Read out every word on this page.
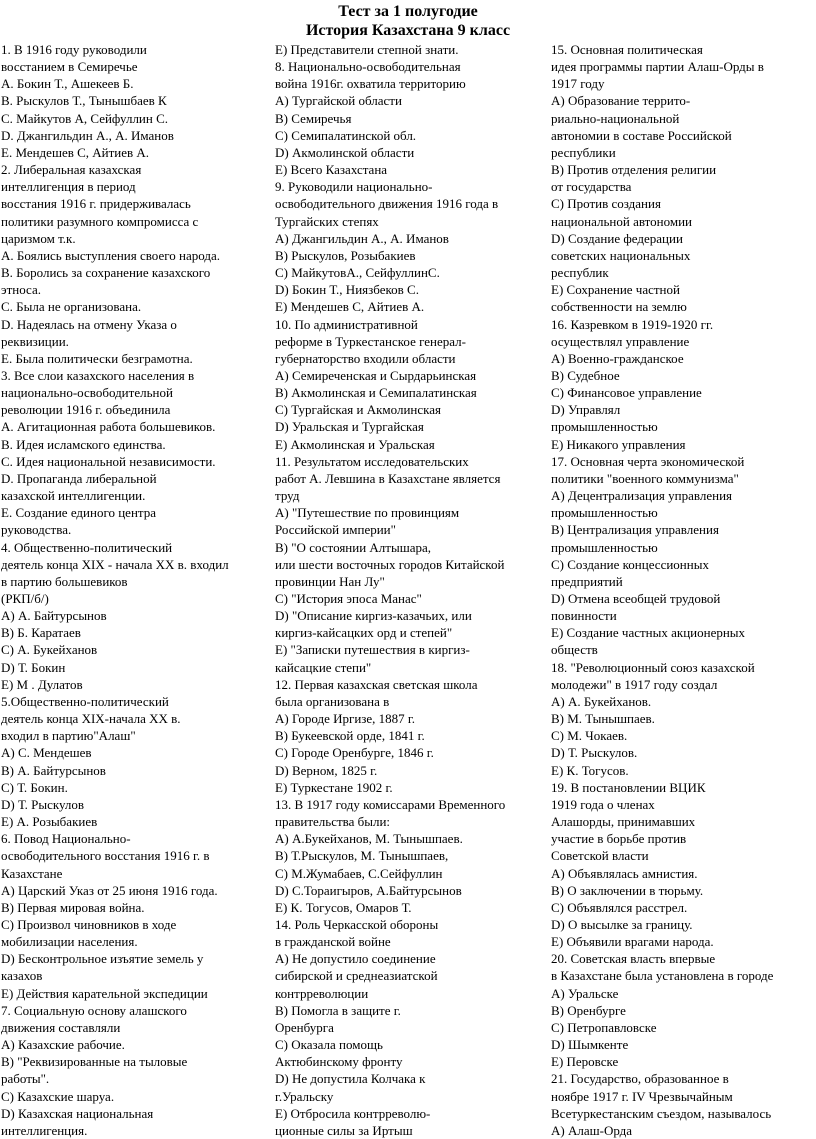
Тест за 1 полугодие
История Казахстана 9 класс
1. В 1916 году руководили
восстанием в Семиречье
A. Бокин Т., Ашекеев Б.
B. Рыскулов Т., Тынышбаев К
C. Майкутов А, Сейфуллин С.
D. Джангильдин А., А. Иманов
E. Мендешев С, Айтиев А.
2. Либеральная казахская
интеллигенция в период
восстания 1916 г. придерживалась
политики разумного компромисса с
царизмом т.к.
A. Боялись выступления своего народа.
B. Боролись за сохранение казахского
этноса.
C. Была не организована.
D. Надеялась на отмену Указа о
реквизиции.
E. Была политически безграмотна.
3. Все слои казахского населения в
национально-освободительной
революции 1916 г. объединила
A. Агитационная работа большевиков.
B. Идея исламского единства.
C. Идея национальной независимости.
D. Пропаганда либеральной
казахской интеллигенции.
E. Создание единого центра
руководства.
4. Общественно-политический
деятель конца XIX - начала XX в. входил
в партию большевиков
(РКП/б/)
A) А. Байтурсынов
B) Б. Каратаев
C) А. Букейханов
D) Т. Бокин
E) М . Дулатов
5.Общественно-политический
деятель конца XIX-начала XX в.
входил в партию"Алаш"
A) С. Мендешев
B) А. Байтурсынов
C) Т. Бокин.
D) Т. Рыскулов
E) А. Розыбакиев
6. Повод Национально-
освободительного восстания 1916 г. в
Казахстане
A) Царский Указ от 25 июня 1916 года.
B) Первая мировая война.
C) Произвол чиновников в ходе
мобилизации населения.
D) Бесконтрольное изъятие земель у
казахов
E) Действия карательной экспедиции
7. Социальную основу алашского
движения составляли
A) Казахские рабочие.
B) "Реквизированные на тыловые
работы".
C) Казахские шаруа.
D) Казахская национальная
интеллигенция.
E) Представители степной знати.
8. Национально-освободительная
война 1916г. охватила территорию
A) Тургайской области
B) Семиречья
C) Семипалатинской обл.
D) Акмолинской области
E) Всего Казахстана
9. Руководили национально-
освободительного движения 1916 года в
Тургайских степях
A) Джангильдин А., А. Иманов
B) Рыскулов, Розыбакиев
C) МайкутовА., СейфуллинС.
D) Бокин Т., Ниязбеков С.
E) Мендешев С, Айтиев А.
10. По административной
реформе в Туркестанское генерал-
губернаторство входили области
A) Семиреченская и Сырдарьинская
B) Акмолинская и Семипалатинская
C) Тургайская и Акмолинская
D) Уральская и Тургайская
E) Акмолинская и Уральская
11. Результатом исследовательских
работ А. Левшина в Казахстане является
труд
A) "Путешествие по провинциям
Российской империи"
B) "О состоянии Алтышара,
или шести восточных городов Китайской
провинции Нан Лу"
C) "История эпоса Манас"
D) "Описание киргиз-казачьих, или
киргиз-кайсацких орд и степей"
E) "Записки путешествия в киргиз-
кайсацкие степи"
12. Первая казахская светская школа
была организована в
A) Городе Иргизе, 1887 г.
B) Букеевской орде, 1841 г.
C) Городе Оренбурге, 1846 г.
D) Верном, 1825 г.
E) Туркестане 1902 г.
13. В 1917 году комиссарами Временного
правительства были:
A) А.Букейханов, М. Тынышпаев.
B) Т.Рыскулов, М. Тынышпаев,
C) М.Жумабаев, С.Сейфуллин
D) С.Тораигыров, А.Байтурсынов
E) К. Тогусов, Омаров Т.
14. Роль Черкасской обороны
в гражданской войне
A) Не допустило соединение
сибирской и среднеазиатской
контрреволюции
B) Помогла в защите г.
Оренбурга
C) Оказала помощь
Актюбинскому фронту
D) Не допустила Колчака к
г.Уральску
E) Отбросила контрреволю-
ционные силы за Иртыш
15. Основная политическая
идея программы партии Алаш-Орды в
1917 году
A) Образование террито-
риально-национальной
автономии в составе Российской
республики
B) Против отделения религии
от государства
C) Против создания
национальной автономии
D) Создание федерации
советских национальных
республик
E) Сохранение частной
собственности на землю
16. Казревком в 1919-1920 гг.
осуществлял управление
A) Военно-гражданское
B) Судебное
C) Финансовое управление
D) Управлял
промышленностью
E) Никакого управления
17. Основная черта экономической
политики "военного коммунизма"
A) Децентрализация управления
промышленностью
B) Централизация управления
промышленностью
C) Создание концессионных
предприятий
D) Отмена всеобщей трудовой
повинности
E) Создание частных акционерных
обществ
18. "Революционный союз казахской
молодежи" в 1917 году создал
A) А. Букейханов.
B) М. Тынышпаев.
C) М. Чокаев.
D) Т. Рыскулов.
E) К. Тогусов.
19. В постановлении ВЦИК
1919 года о членах
Алашорды, принимавших
участие в борьбе против
Советской власти
A) Объявлялась амнистия.
B) О заключении в тюрьму.
C) Объявлялся расстрел.
D) О высылке за границу.
E) Объявили врагами народа.
20. Советская власть впервые
в Казахстане была установлена в городе
A) Уральске
B) Оренбурге
C) Петропавловске
D) Шымкенте
E) Перовске
21. Государство, образованное в
ноябре 1917 г. IV Чрезвычайным
Всетуркестанским съездом, называлось
A) Алаш-Орда
